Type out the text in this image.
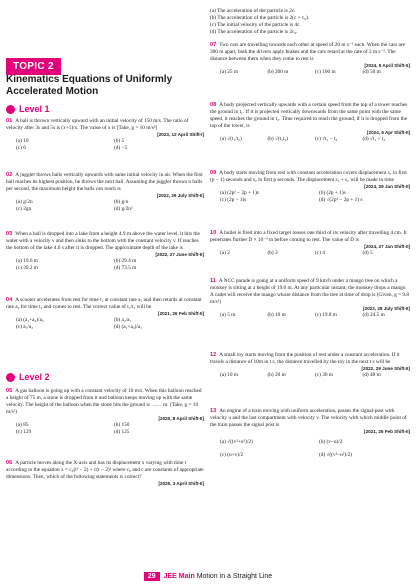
TOPIC 2
Kinematics Equations of Uniformly Accelerated Motion
Level 1
01 A ball is thrown vertically upward with an initial velocity of 150 m/s. The ratio of velocity after 3s and 5s is (x+1)/x. The value of x is [Take, g = 10 m/s²]
[2023, 12 April Shift-I]
(a) 10	(b) 5
(c) 6	(d) −5
02 A juggler throws balls vertically upwards with same initial velocity in air. When the first ball reaches its highest position, he throws the next ball. Assuming the juggler throws n balls per second, the maximum height the balls can reach is
[2022, 29 July Shift-II]
(a) g/2n	(b) g/n
(c) 2gn	(d) g/2n²
03 When a ball is dropped into a lake from a height 4.9 m above the water level, it hits the water with a velocity v and then sinks to the bottom with the constant velocity v. If reaches the bottom of the lake 4.0 s after it is dropped. The approximate depth of the lake is
[2022, 27 June Shift-II]
(a) 19.6 m	(b) 29.4 m
(c) 39.2 m	(d) 73.5 m
04 A scooter accelerates from rest for time t₁ at constant rate a₁ and then retards at constant rate a₂ for time t₂ and comes to rest. The correct value of t₁/t₂ will be
[2021, 26 Feb Shift-II]
(a) (a₁+a₂)/a₂	(b) a₂/a₁
(c) a₁/a₂	(d) (a₁+a₂)/a₁
Level 2
05 A gas balloon is going up with a constant velocity of 10 m/s. When this balloon reached a height of 75 m, a stone is dropped from it and balloon keeps moving up with the same velocity. The height of the balloon when the stone hits the ground is …… m. (Take, g = 10 m/s²)
[2020, 8 April Shift-II]
(a) 85	(b) 150
(c) 129	(d) 125
06 A particle moves along the X-axis and has its displacement x varying with time t according to the equation x = c₀(t² − 2) + c(t − 2)² where c₀ and c are constants of appropriate dimensions. Then, which of the following statements is correct?
[2025, 3 April Shift-II]
(a) The acceleration of the particle is 2c.
(b) The acceleration of the particle is 2(c + c₀).
(c) The initial velocity of the particle is 4c.
(d) The acceleration of the particle is 2c₀.
07 Two cars are travelling towards each other at speed of 20 m s⁻¹ each. When the cars are 300 m apart, both the drivers apply brakes and the cars retard at the rate of 2 m s⁻². The distance between them when they come to rest is
[2024, 9 April Shift-II]
(a) 25 m	(b) 200 m	(c) 100 m	(d) 50 m
08 A body projected vertically upwards with a certain speed from the top of a tower reaches the ground in t₁. If it is projected vertically downwards from the same point with the same speed, it reaches the ground in t₂. Time required to reach the ground, if it is dropped from the top of the tower, is
[2024, 6 Apr Shift-II]
(a) √(t₁/t₂)	(b) √(t₁t₂)	(c) √t₁ − t₂	(d) √t₁ + t₂
09 A body starts moving from rest with constant acceleration covers displacement s₁ in first (p − 1) seconds and s₂ in first p seconds. The displacement s₁ + s₂ will be made in time
[2024, 29 Jan Shift-II]
(a) (2p² − 2p + 1)s	(b) (2p + 1)s
(c) (2p − 1)s	(d) √(2p² − 2p + 1) s
10 A bullet is fired into a fixed target looses one third of its velocity after travelling 4 cm. It penetrates further D × 10⁻³ m before coming to rest. The value of D is
[2024, 27 Jan Shift-II]
(a) 2	(b) 3	(c) 4	(d) 5
11 A NCC parade is going at a uniform speed of 9 km/h under a mango tree on which a monkey is sitting at a height of 19.6 m. At any particular instant, the monkey drops a mango. A cadet will receive the mango whose distance from the tree at time of drop is (Given, g = 9.8 m/s²)
[2022, 28 July Shift-II]
(a) 5 m	(b) 10 m	(c) 19.8 m	(d) 24.5 m
12 A small toy starts moving from the position of rest under a constant acceleration. If it travels a distance of 10m in t s. the distance travelled by the toy in the next t s will be
[2022, 29 June Shift-II]
(a) 10 m	(b) 20 m	(c) 30 m	(d) 40 m
13 An engine of a train moving with uniform acceleration, passes the signal-post with velocity u and the last compartment with velocity v. The velocity with which middle point of the train passes the signal post is
[2021, 25 Feb Shift-II]
(a) √((v²+u²)/2)	(b) (v−u)/2
(c) (u+v)/2	(d) √((v²−u²)/2)
29 JEE Main Motion in a Straight Line
